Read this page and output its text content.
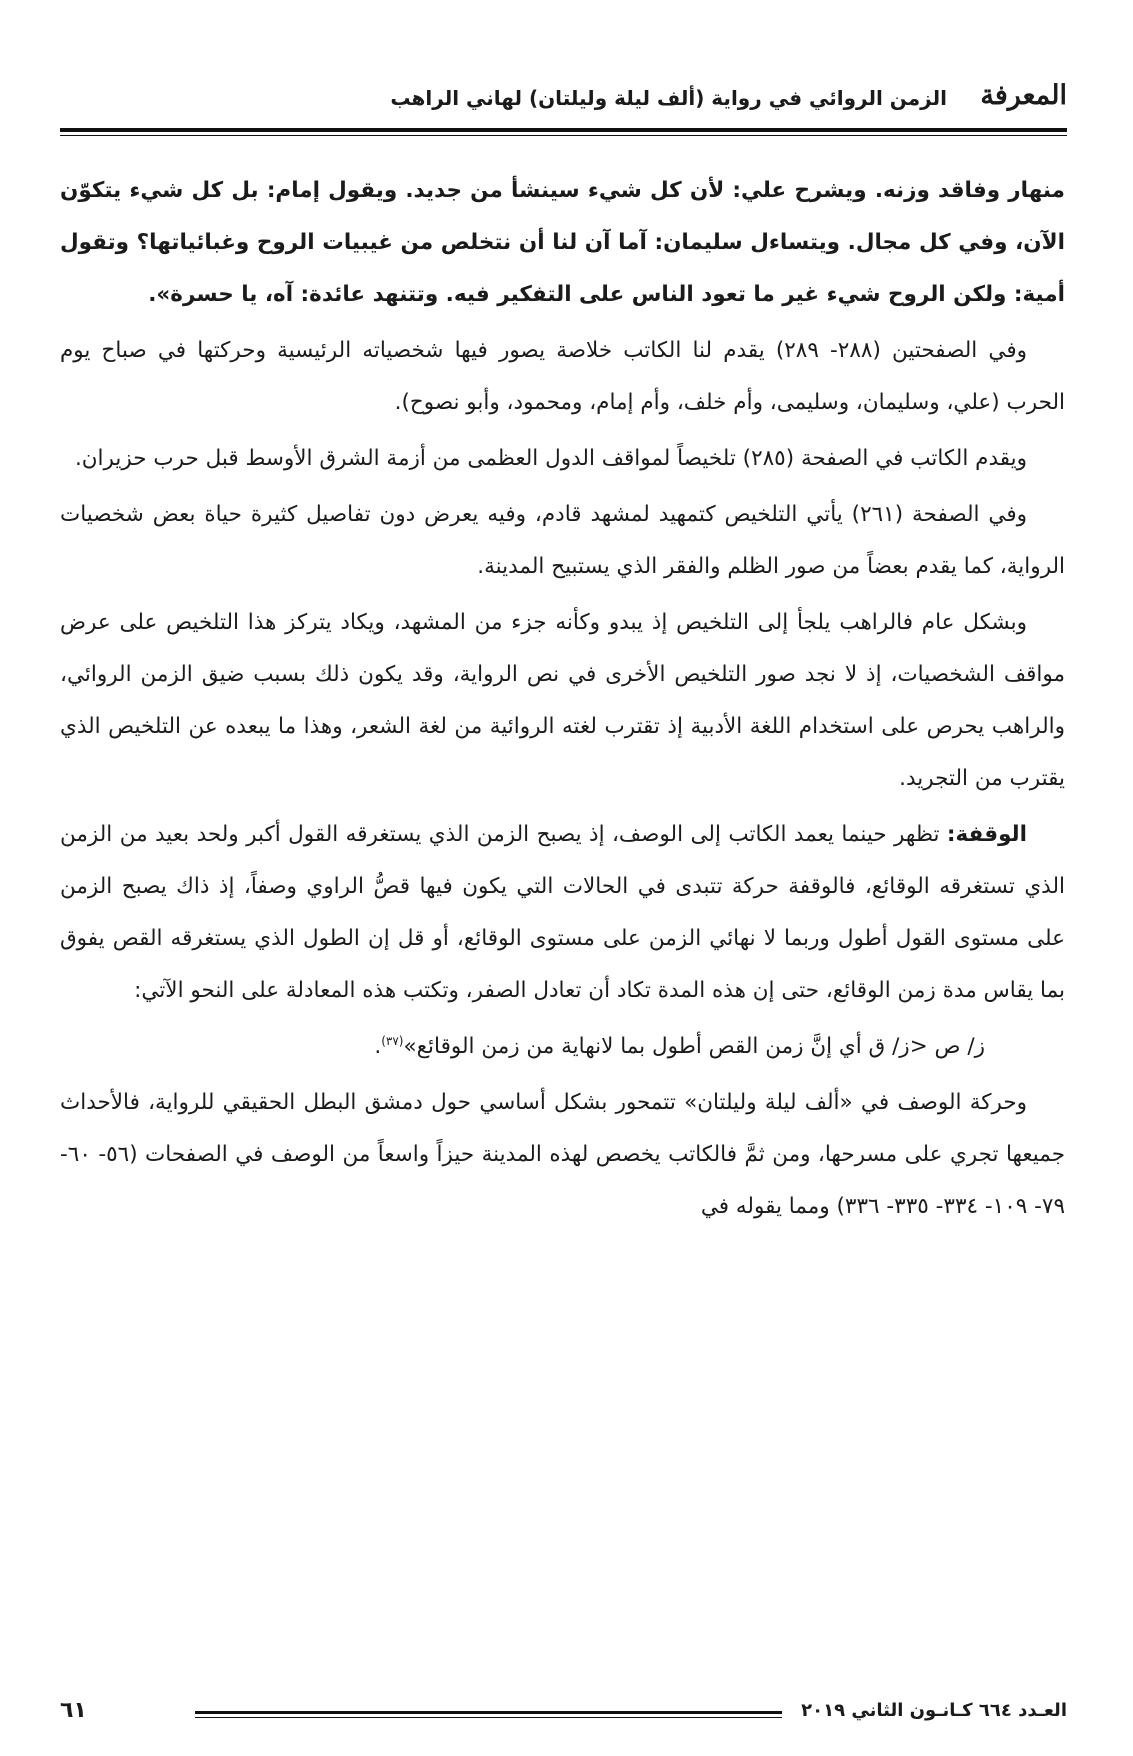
المعرفة
الزمن الروائي في رواية (ألف ليلة وليلتان) لهاني الراهب

منهار وفاقد وزنه. ويشرح علي: لأن كل شيء سينشأ من جديد. ويقول إمام: بل كل شيء يتكوّن الآن، وفي كل مجال. ويتساءل سليمان: آما آن لنا أن نتخلص من غيبيات الروح وغبائياتها؟ وتقول أمية: ولكن الروح شيء غير ما تعود الناس على التفكير فيه. وتتنهد عائدة: آه، يا حسرة».

وفي الصفحتين (٢٨٨- ٢٨٩) يقدم لنا الكاتب خلاصة يصور فيها شخصياته الرئيسية وحركتها في صباح يوم الحرب (علي، وسليمان، وسليمى، وأم خلف، وأم إمام، ومحمود، وأبو نصوح).

ويقدم الكاتب في الصفحة (٢٨٥) تلخيصاً لمواقف الدول العظمى من أزمة الشرق الأوسط قبل حرب حزيران.

وفي الصفحة (٢٦١) يأتي التلخيص كتمهيد لمشهد قادم، وفيه يعرض دون تفاصيل كثيرة حياة بعض شخصيات الرواية، كما يقدم بعضاً من صور الظلم والفقر الذي يستبيح المدينة.

وبشكل عام فالراهب يلجأ إلى التلخيص إذ يبدو وكأنه جزء من المشهد، ويكاد يتركز هذا التلخيص على عرض مواقف الشخصيات، إذ لا نجد صور التلخيص الأخرى في نص الرواية، وقد يكون ذلك بسبب ضيق الزمن الروائي، والراهب يحرص على استخدام اللغة الأدبية إذ تقترب لغته الروائية من لغة الشعر، وهذا ما يبعده عن التلخيص الذي يقترب من التجريد.

الوقفة: تظهر حينما يعمد الكاتب إلى الوصف، إذ يصبح الزمن الذي يستغرقه القول أكبر ولحد بعيد من الزمن الذي تستغرقه الوقائع، فالوقفة حركة تتبدى في الحالات التي يكون فيها قصُّ الراوي وصفاً، إذ ذاك يصبح الزمن على مستوى القول أطول وربما لا نهائي الزمن على مستوى الوقائع، أو قل إن الطول الذي يستغرقه القص يفوق بما يقاس مدة زمن الوقائع، حتى إن هذه المدة تكاد أن تعادل الصفر، وتكتب هذه المعادلة على النحو الآتي:

ز/ ص <ز/ ق أي إنَّ زمن القص أطول بما لانهاية من زمن الوقائع»$^{(٣٧)}$.

وحركة الوصف في «ألف ليلة وليلتان» تتمحور بشكل أساسي حول دمشق البطل الحقيقي للرواية، فالأحداث جميعها تجري على مسرحها، ومن ثمَّ فالكاتب يخصص لهذه المدينة حيزاً واسعاً من الوصف في الصفحات (٥٦- ٦٠- ٧٩- ١٠٩- ٣٣٤- ٣٣٥- ٣٣٦) ومما يقوله في

العـدد ٦٦٤ كـانـون الثاني ٢٠١٩
٦١
